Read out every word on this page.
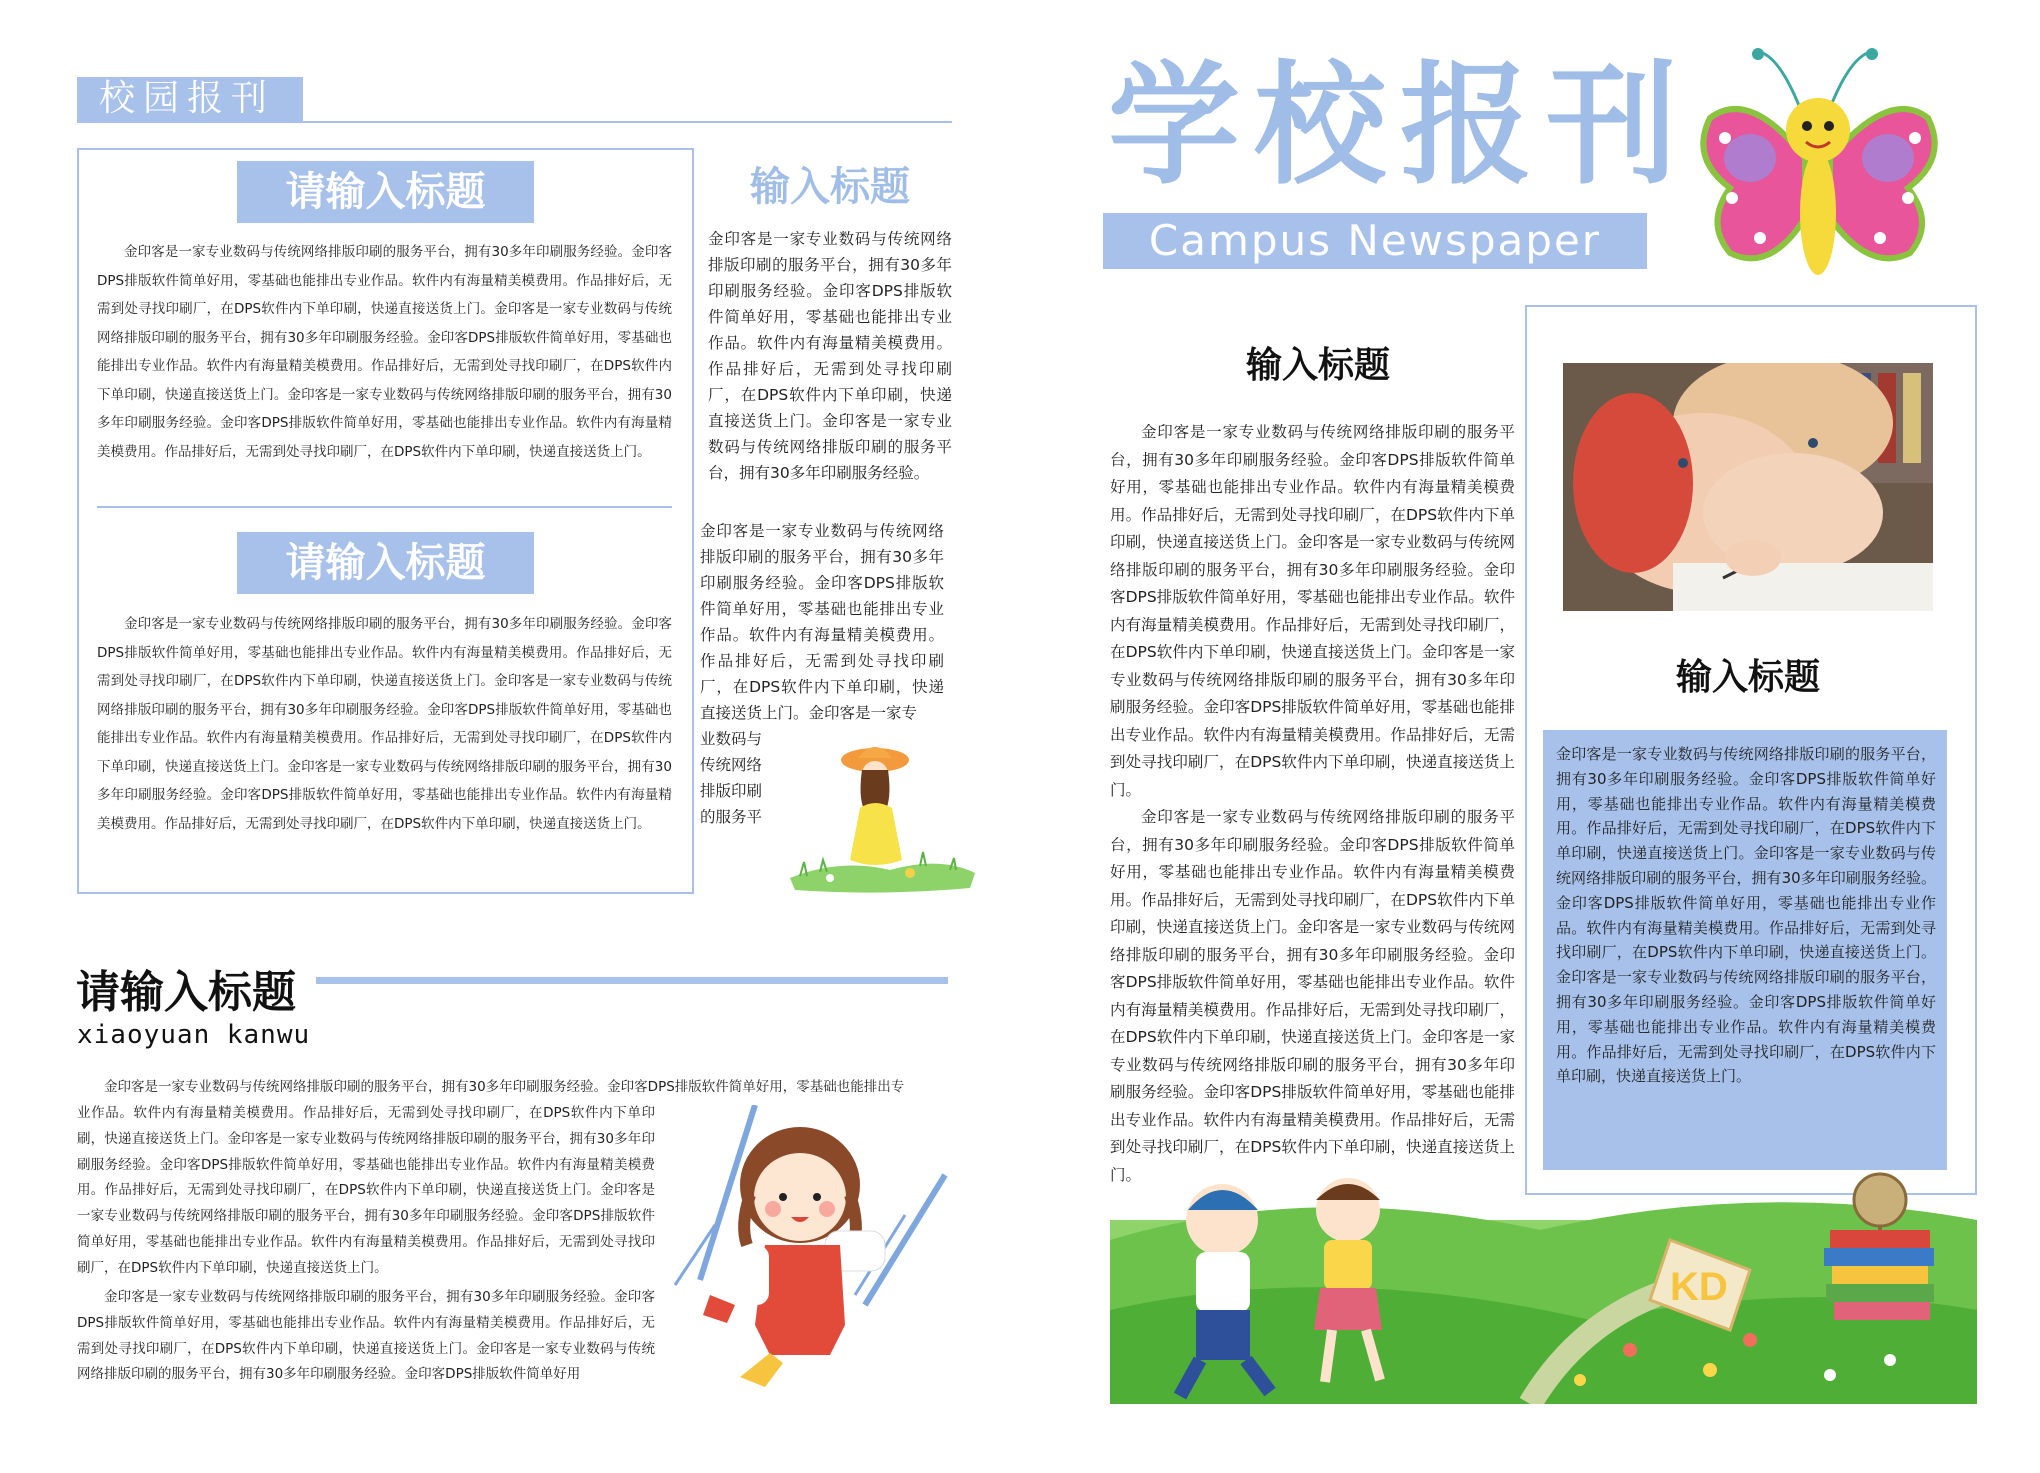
校园报刊
请输入标题

金印客是一家专业数码与传统网络排版印刷的服务平台，拥有30多年印刷服务经验。金印客DPS排版软件简单好用，零基础也能排出专业作品。软件内有海量精美模费用。作品排好后，无需到处寻找印刷厂，在DPS软件内下单印刷，快递直接送货上门。金印客是一家专业数码与传统网络排版印刷的服务平台，拥有30多年印刷服务经验。金印客DPS排版软件简单好用，零基础也能排出专业作品。软件内有海量精美模费用。作品排好后，无需到处寻找印刷厂，在DPS软件内下单印刷，快递直接送货上门。金印客是一家专业数码与传统网络排版印刷的服务平台，拥有30多年印刷服务经验。金印客DPS排版软件简单好用，零基础也能排出专业作品。软件内有海量精美模费用。作品排好后，无需到处寻找印刷厂，在DPS软件内下单印刷，快递直接送货上门。

请输入标题

金印客是一家专业数码与传统网络排版印刷的服务平台，拥有30多年印刷服务经验。金印客DPS排版软件简单好用，零基础也能排出专业作品。软件内有海量精美模费用。作品排好后，无需到处寻找印刷厂，在DPS软件内下单印刷，快递直接送货上门。金印客是一家专业数码与传统网络排版印刷的服务平台，拥有30多年印刷服务经验。金印客DPS排版软件简单好用，零基础也能排出专业作品。软件内有海量精美模费用。作品排好后，无需到处寻找印刷厂，在DPS软件内下单印刷，快递直接送货上门。金印客是一家专业数码与传统网络排版印刷的服务平台，拥有30多年印刷服务经验。金印客DPS排版软件简单好用，零基础也能排出专业作品。软件内有海量精美模费用。作品排好后，无需到处寻找印刷厂，在DPS软件内下单印刷，快递直接送货上门。

输入标题

金印客是一家专业数码与传统网络排版印刷的服务平台，拥有30多年印刷服务经验。金印客DPS排版软件简单好用，零基础也能排出专业作品。软件内有海量精美模费用。作品排好后，无需到处寻找印刷厂，在DPS软件内下单印刷，快递直接送货上门。金印客是一家专业数码与传统网络排版印刷的服务平台，拥有30多年印刷服务经验。

金印客是一家专业数码与传统网络排版印刷的服务平台，拥有30多年印刷服务经验。金印客DPS排版软件简单好用，零基础也能排出专业作品。软件内有海量精美模费用。作品排好后，无需到处寻找印刷厂，在DPS软件内下单印刷，快递直接送货上门。金印客是一家专

业数码与
传统网络
排版印刷
的服务平
请输入标题
xiaoyuan kanwu

金印客是一家专业数码与传统网络排版印刷的服务平台，拥有30多年印刷服务经验。金印客DPS排版软件简单好用，零基础也能排出专

业作品。软件内有海量精美模费用。作品排好后，无需到处寻找印刷厂，在DPS软件内下单印刷，快递直接送货上门。金印客是一家专业数码与传统网络排版印刷的服务平台，拥有30多年印刷服务经验。金印客DPS排版软件简单好用，零基础也能排出专业作品。软件内有海量精美模费用。作品排好后，无需到处寻找印刷厂，在DPS软件内下单印刷，快递直接送货上门。金印客是一家专业数码与传统网络排版印刷的服务平台，拥有30多年印刷服务经验。金印客DPS排版软件简单好用，零基础也能排出专业作品。软件内有海量精美模费用。作品排好后，无需到处寻找印刷厂，在DPS软件内下单印刷，快递直接送货上门。

金印客是一家专业数码与传统网络排版印刷的服务平台，拥有30多年印刷服务经验。金印客DPS排版软件简单好用，零基础也能排出专业作品。软件内有海量精美模费用。作品排好后，无需到处寻找印刷厂，在DPS软件内下单印刷，快递直接送货上门。金印客是一家专业数码与传统网络排版印刷的服务平台，拥有30多年印刷服务经验。金印客DPS排版软件简单好用

学校报刊
Campus Newspaper
输入标题

金印客是一家专业数码与传统网络排版印刷的服务平台，拥有30多年印刷服务经验。金印客DPS排版软件简单好用，零基础也能排出专业作品。软件内有海量精美模费用。作品排好后，无需到处寻找印刷厂，在DPS软件内下单印刷，快递直接送货上门。金印客是一家专业数码与传统网络排版印刷的服务平台，拥有30多年印刷服务经验。金印客DPS排版软件简单好用，零基础也能排出专业作品。软件内有海量精美模费用。作品排好后，无需到处寻找印刷厂，在DPS软件内下单印刷，快递直接送货上门。金印客是一家专业数码与传统网络排版印刷的服务平台，拥有30多年印刷服务经验。金印客DPS排版软件简单好用，零基础也能排出专业作品。软件内有海量精美模费用。作品排好后，无需到处寻找印刷厂，在DPS软件内下单印刷，快递直接送货上门。

金印客是一家专业数码与传统网络排版印刷的服务平台，拥有30多年印刷服务经验。金印客DPS排版软件简单好用，零基础也能排出专业作品。软件内有海量精美模费用。作品排好后，无需到处寻找印刷厂，在DPS软件内下单印刷，快递直接送货上门。金印客是一家专业数码与传统网络排版印刷的服务平台，拥有30多年印刷服务经验。金印客DPS排版软件简单好用，零基础也能排出专业作品。软件内有海量精美模费用。作品排好后，无需到处寻找印刷厂，在DPS软件内下单印刷，快递直接送货上门。金印客是一家专业数码与传统网络排版印刷的服务平台，拥有30多年印刷服务经验。金印客DPS排版软件简单好用，零基础也能排出专业作品。软件内有海量精美模费用。作品排好后，无需到处寻找印刷厂，在DPS软件内下单印刷，快递直接送货上门。

输入标题

金印客是一家专业数码与传统网络排版印刷的服务平台，拥有30多年印刷服务经验。金印客DPS排版软件简单好用，零基础也能排出专业作品。软件内有海量精美模费用。作品排好后，无需到处寻找印刷厂，在DPS软件内下单印刷，快递直接送货上门。金印客是一家专业数码与传统网络排版印刷的服务平台，拥有30多年印刷服务经验。金印客DPS排版软件简单好用，零基础也能排出专业作品。软件内有海量精美模费用。作品排好后，无需到处寻找印刷厂，在DPS软件内下单印刷，快递直接送货上门。金印客是一家专业数码与传统网络排版印刷的服务平台，拥有30多年印刷服务经验。金印客DPS排版软件简单好用，零基础也能排出专业作品。软件内有海量精美模费用。作品排好后，无需到处寻找印刷厂，在DPS软件内下单印刷，快递直接送货上门。

KD
